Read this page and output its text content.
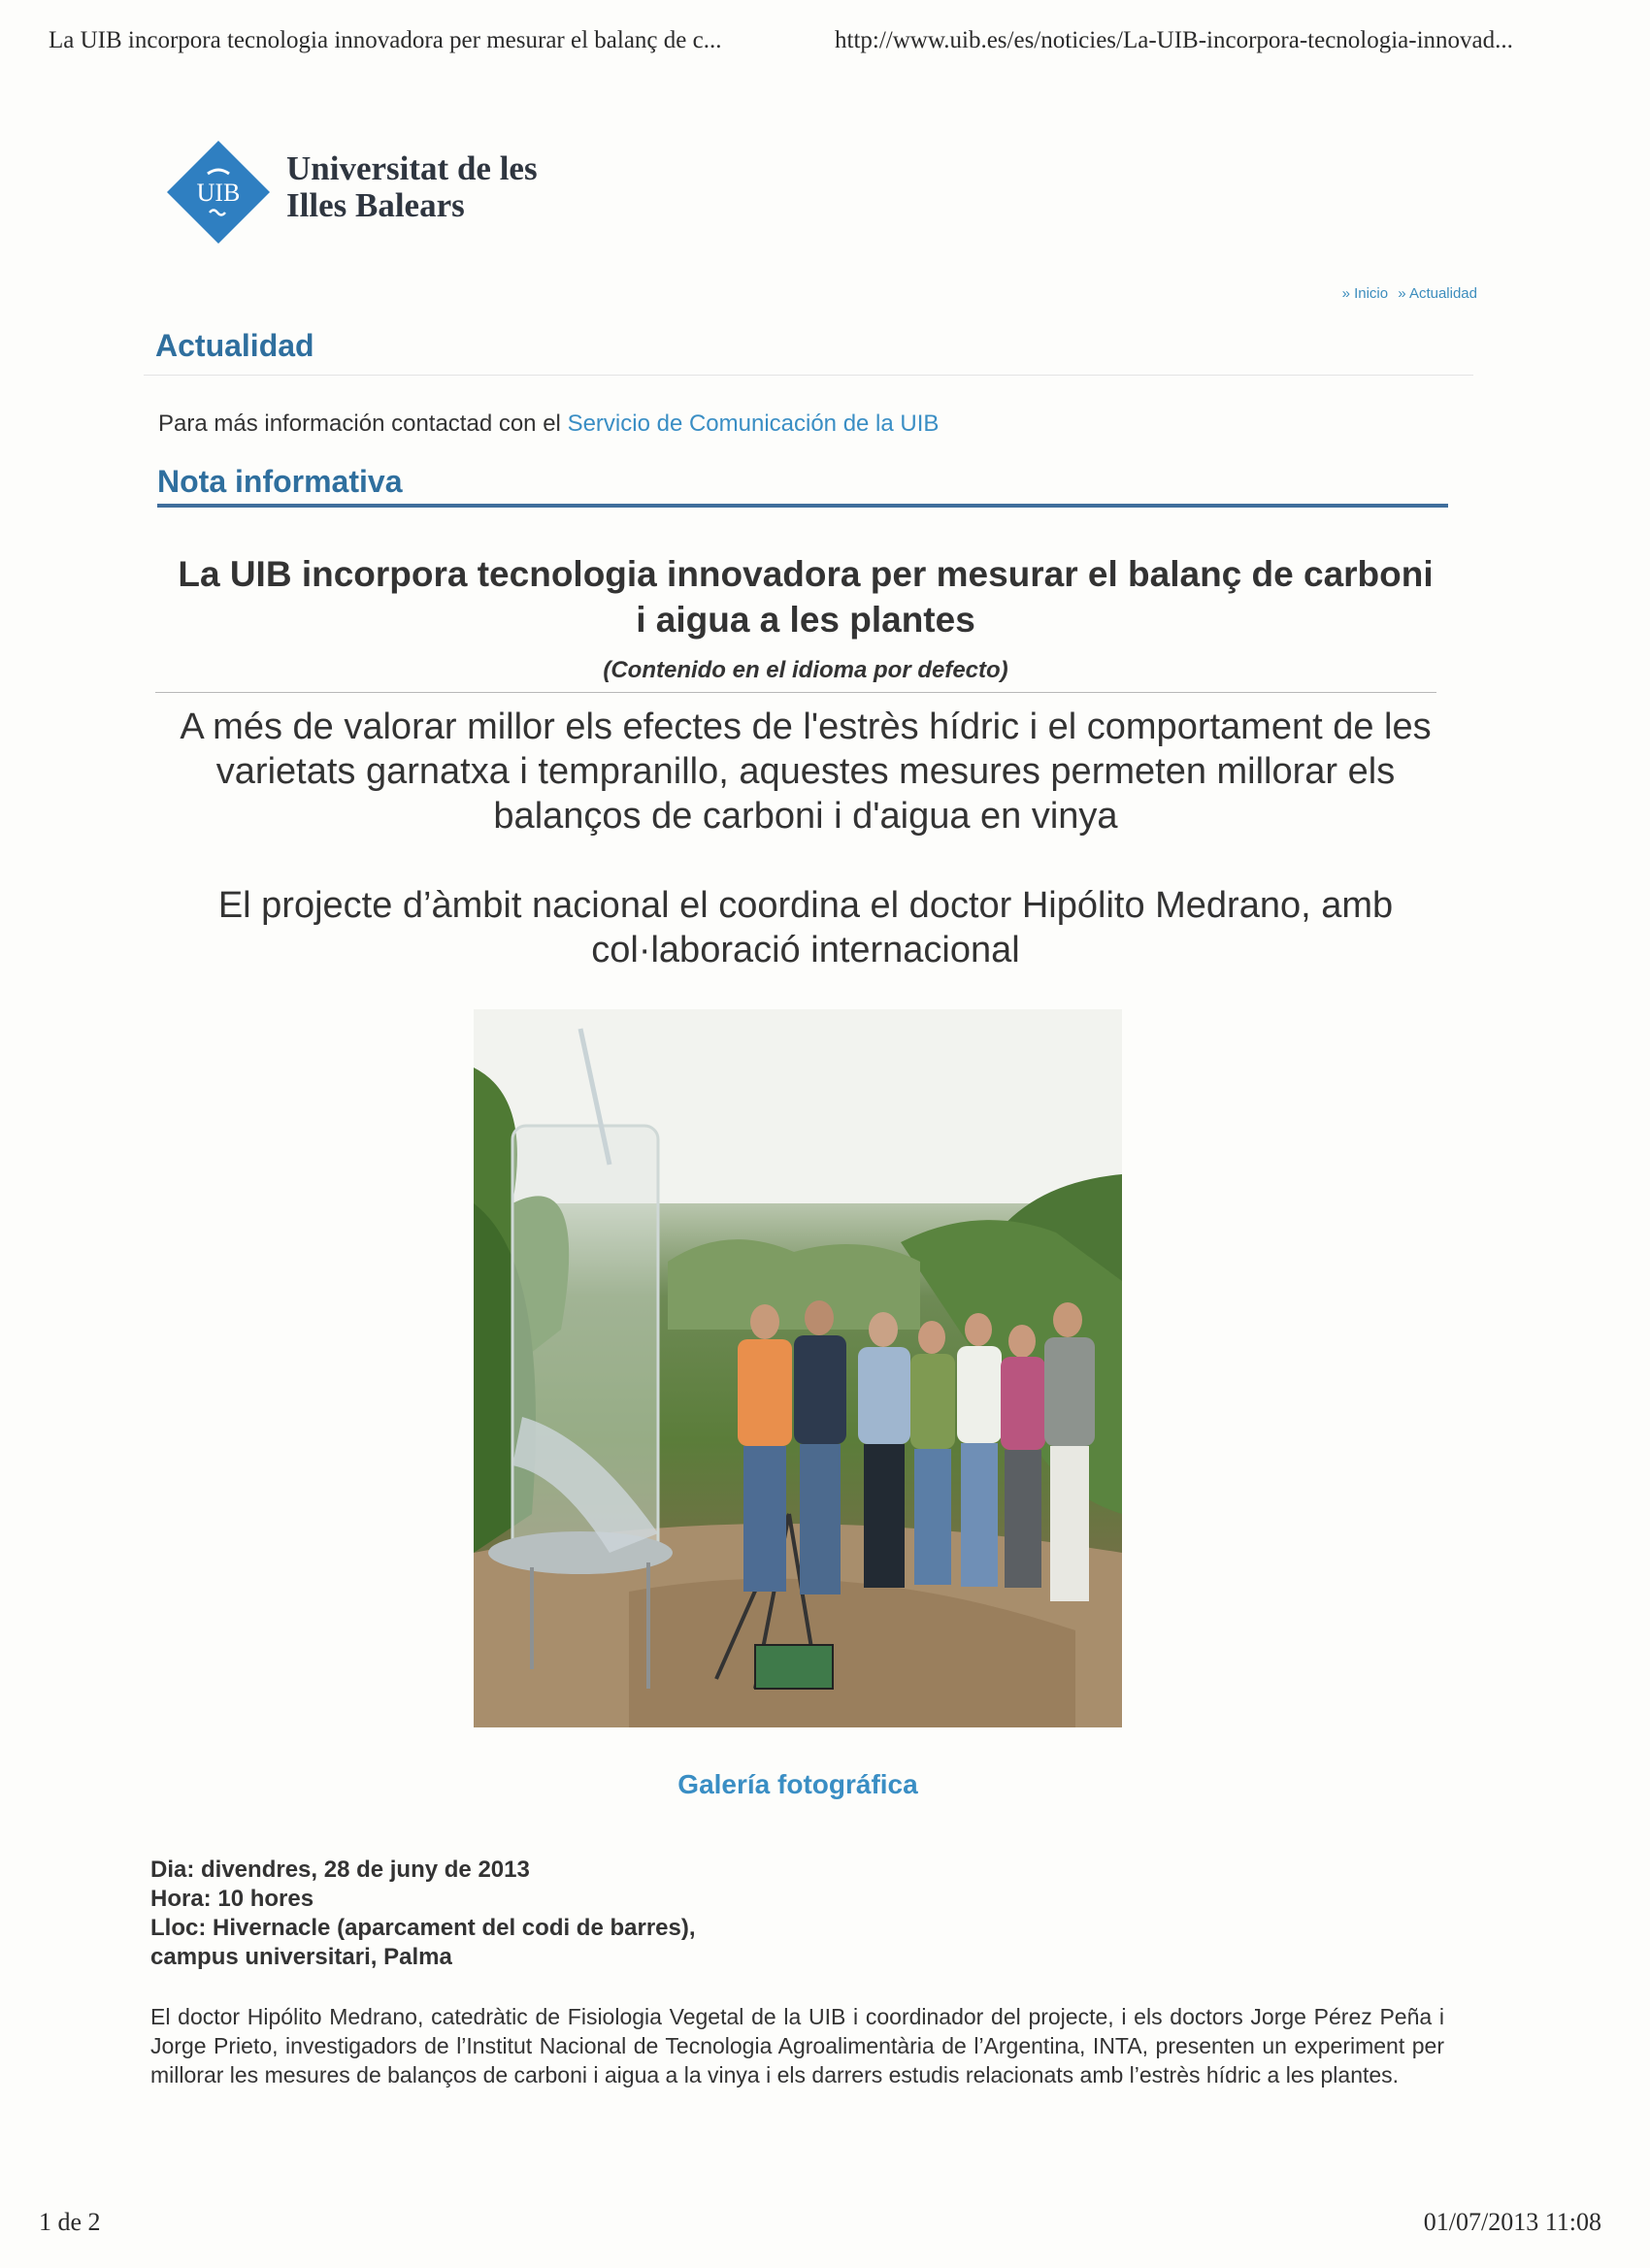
La UIB incorpora tecnologia innovadora per mesurar el balanç de c...	http://www.uib.es/es/noticies/La-UIB-incorpora-tecnologia-innovad...
UIB
Universitat de les
Illes Balears
» Inicio » Actualidad
Actualidad
Para más información contactad con el Servicio de Comunicación de la UIB
Nota informativa
La UIB incorpora tecnologia innovadora per mesurar el balanç de carboni i aigua a les plantes
(Contenido en el idioma por defecto)
A més de valorar millor els efectes de l'estrès hídric i el comportament de les varietats garnatxa i tempranillo, aquestes mesures permeten millorar els balanços de carboni i d'aigua en vinya
El projecte d’àmbit nacional el coordina el doctor Hipólito Medrano, amb col·laboració internacional
Galería fotográfica
Dia: divendres, 28 de juny de 2013
Hora: 10 hores
Lloc: Hivernacle (aparcament del codi de barres),
campus universitari, Palma
El doctor Hipólito Medrano, catedràtic de Fisiologia Vegetal de la UIB i coordinador del projecte, i els doctors Jorge Pérez Peña i Jorge Prieto, investigadors de l’Institut Nacional de Tecnologia Agroalimentària de l’Argentina, INTA, presenten un experiment per millorar les mesures de balanços de carboni i aigua a la vinya i els darrers estudis relacionats amb l’estrès hídric a les plantes.
1 de 2	01/07/2013 11:08
